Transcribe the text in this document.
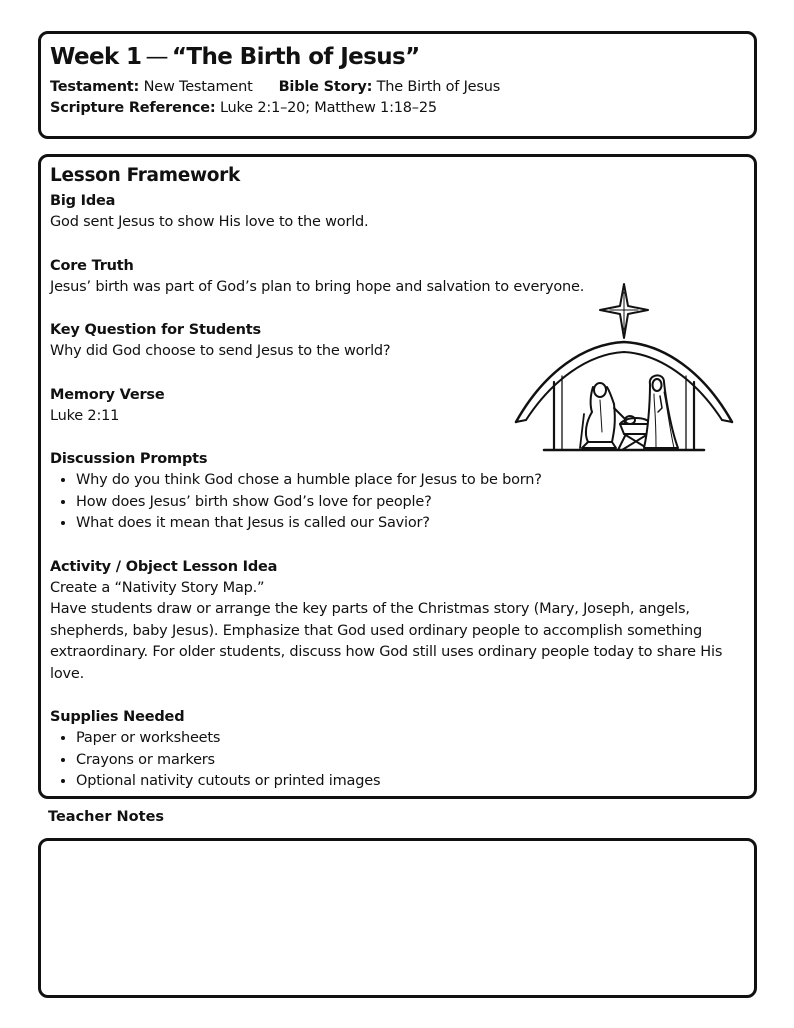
Week 1 — “The Birth of Jesus”

Testament: New Testament Bible Story: The Birth of Jesus

Scripture Reference: Luke 2:1–20; Matthew 1:18–25

Lesson Framework
Big Idea

God sent Jesus to show His love to the world.

Core Truth

Jesus’ birth was part of God’s plan to bring hope and salvation to everyone.

Key Question for Students

Why did God choose to send Jesus to the world?

Memory Verse

Luke 2:11

Discussion Prompts
• Why do you think God chose a humble place for Jesus to be born?
• How does Jesus’ birth show God’s love for people?
• What does it mean that Jesus is called our Savior?
Activity / Object Lesson Idea

Create a “Nativity Story Map.”

Have students draw or arrange the key parts of the Christmas story (Mary, Joseph, angels, shepherds, baby Jesus). Emphasize that God used ordinary people to accomplish something extraordinary. For older students, discuss how God still uses ordinary people today to share His love.

Supplies Needed
• Paper or worksheets
• Crayons or markers
• Optional nativity cutouts or printed images
Teacher Notes
